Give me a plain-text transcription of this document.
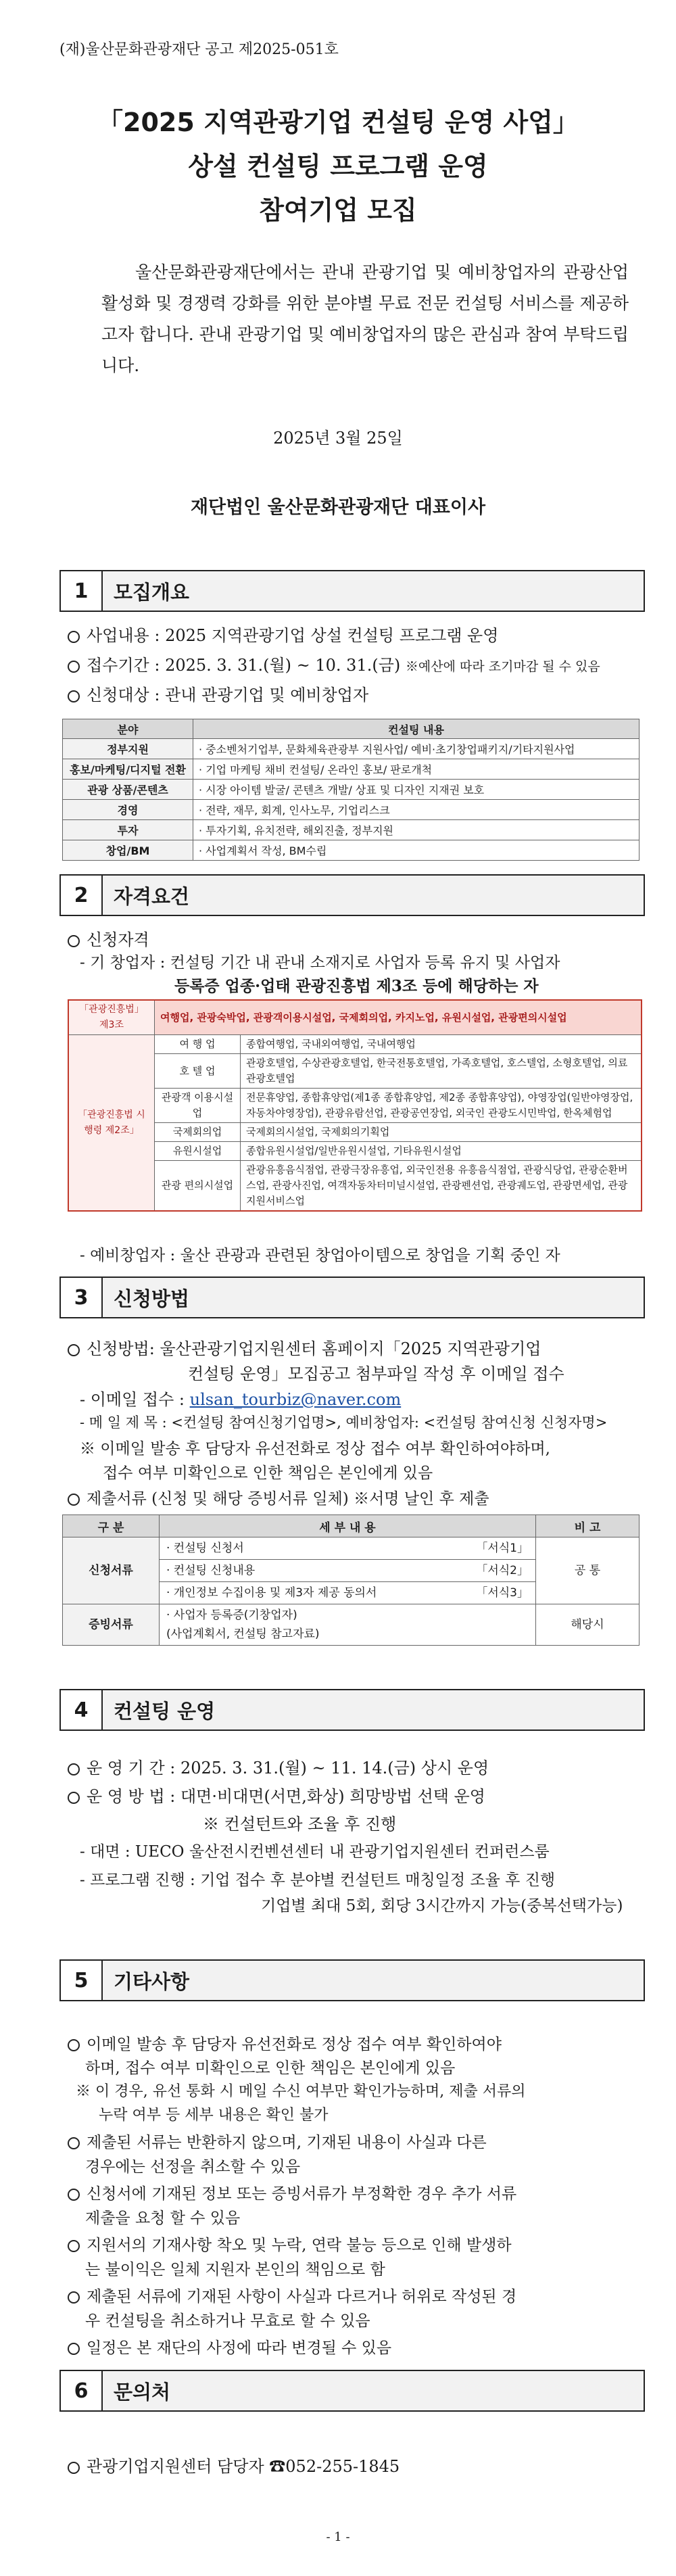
(재)울산문화관광재단 공고 제2025-051호
「2025 지역관광기업 컨설팅 운영 사업」
상설 컨설팅 프로그램 운영
참여기업 모집
울산문화관광재단에서는 관내 관광기업 및 예비창업자의 관광산업 활성화 및 경쟁력 강화를 위한 분야별 무료 전문 컨설팅 서비스를 제공하고자 합니다. 관내 관광기업 및 예비창업자의 많은 관심과 참여 부탁드립니다.
2025년 3월 25일
재단법인 울산문화관광재단 대표이사
1	모집개요
사업내용 : 2025 지역관광기업 상설 컨설팅 프로그램 운영
접수기간 : 2025. 3. 31.(월) ~ 10. 31.(금) ※예산에 따라 조기마감 될 수 있음
신청대상 : 관내 관광기업 및 예비창업자
분야	컨설팅 내용
정부지원	· 중소벤처기업부, 문화체육관광부 지원사업/ 예비·초기창업패키지/기타지원사업
홍보/마케팅/디지털 전환	· 기업 마케팅 채비 컨설팅/ 온라인 홍보/ 판로개척
관광 상품/콘텐츠	· 시장 아이템 발굴/ 콘텐츠 개발/ 상표 및 디자인 지재권 보호
경영	· 전략, 재무, 회계, 인사노무, 기업리스크
투자	· 투자기획, 유치전략, 해외진출, 정부지원
창업/BM	· 사업계획서 작성, BM수립
2	자격요건
신청자격
- 기 창업자 : 컨설팅 기간 내 관내 소재지로 사업자 등록 유지 및 사업자
「관광진흥법」 제3조	여행업, 관광숙박업, 관광객이용시설업, 국제회의업, 카지노업, 유원시설업, 관광편의시설업	
「관광진흥법 시행령 제2조」	여 행 업	종합여행업, 국내외여행업, 국내여행업
	호 텔 업	관광호텔업, 수상관광호텔업, 한국전통호텔업, 가족호텔업, 호스텔업, 소형호텔업, 의료관광호텔업
	관광객 이용시설업	전문휴양업, 종합휴양업(제1종 종합휴양업, 제2종 종합휴양업), 야영장업(일반야영장업, 자동차야영장업), 관광유람선업, 관광공연장업, 외국인 관광도시민박업, 한옥체험업
	국제회의업	국제회의시설업, 국제회의기획업
	유원시설업	종합유원시설업/일반유원시설업, 기타유원시설업
	관광 편의시설업	관광유흥음식점업, 관광극장유흥업, 외국인전용 유흥음식점업, 관광식당업, 관광순환버스업, 관광사진업, 여객자동차터미널시설업, 관광펜션업, 관광궤도업, 관광면세업, 관광지원서비스업
등록증 업종·업태 관광진흥법 제3조 등에 해당하는 자
- 예비창업자 : 울산 관광과 관련된 창업아이템으로 창업을 기획 중인 자
3	신청방법
신청방법: 울산관광기업지원센터 홈페이지「2025 지역관광기업
컨설팅 운영」모집공고 첨부파일 작성 후 이메일 접수
- 이메일 접수 : ulsan_tourbiz@naver.com
- 메 일 제 목 : <컨설팅 참여신청기업명>, 예비창업자: <컨설팅 참여신청 신청자명>
※ 이메일 발송 후 담당자 유선전화로 정상 접수 여부 확인하여야하며,
접수 여부 미확인으로 인한 책임은 본인에게 있음
제출서류 (신청 및 해당 증빙서류 일체) ※서명 날인 후 제출
구 분	세 부 내 용	비 고
신청서류	· 컨설팅 신청서 「서식1」	공 통
	· 컨설팅 신청내용 「서식2」	

	· 개인정보 수집이용 및 제3자 제공 동의서 「서식3」	

증빙서류	· 사업자 등록증(기창업자)
(사업계획서, 컨설팅 참고자료)	해당시
4	컨설팅 운영
운 영 기 간 : 2025. 3. 31.(월) ~ 11. 14.(금) 상시 운영
운 영 방 법 : 대면·비대면(서면,화상) 희망방법 선택 운영
※ 컨설턴트와 조율 후 진행
- 대면 : UECO 울산전시컨벤션센터 내 관광기업지원센터 컨퍼런스룸
- 프로그램 진행 : 기업 접수 후 분야별 컨설턴트 매칭일정 조율 후 진행
기업별 최대 5회, 회당 3시간까지 가능(중복선택가능)
5	기타사항
이메일 발송 후 담당자 유선전화로 정상 접수 여부 확인하여야
하며, 접수 여부 미확인으로 인한 책임은 본인에게 있음
※ 이 경우, 유선 통화 시 메일 수신 여부만 확인가능하며, 제출 서류의
누락 여부 등 세부 내용은 확인 불가
제출된 서류는 반환하지 않으며, 기재된 내용이 사실과 다른
경우에는 선정을 취소할 수 있음
신청서에 기재된 정보 또는 증빙서류가 부정확한 경우 추가 서류
제출을 요청 할 수 있음
지원서의 기재사항 착오 및 누락, 연락 불능 등으로 인해 발생하
는 불이익은 일체 지원자 본인의 책임으로 함
제출된 서류에 기재된 사항이 사실과 다르거나 허위로 작성된 경
우 컨설팅을 취소하거나 무효로 할 수 있음
일정은 본 재단의 사정에 따라 변경될 수 있음
6	문의처
관광기업지원센터 담당자 ☎052-255-1845
- 1 -
